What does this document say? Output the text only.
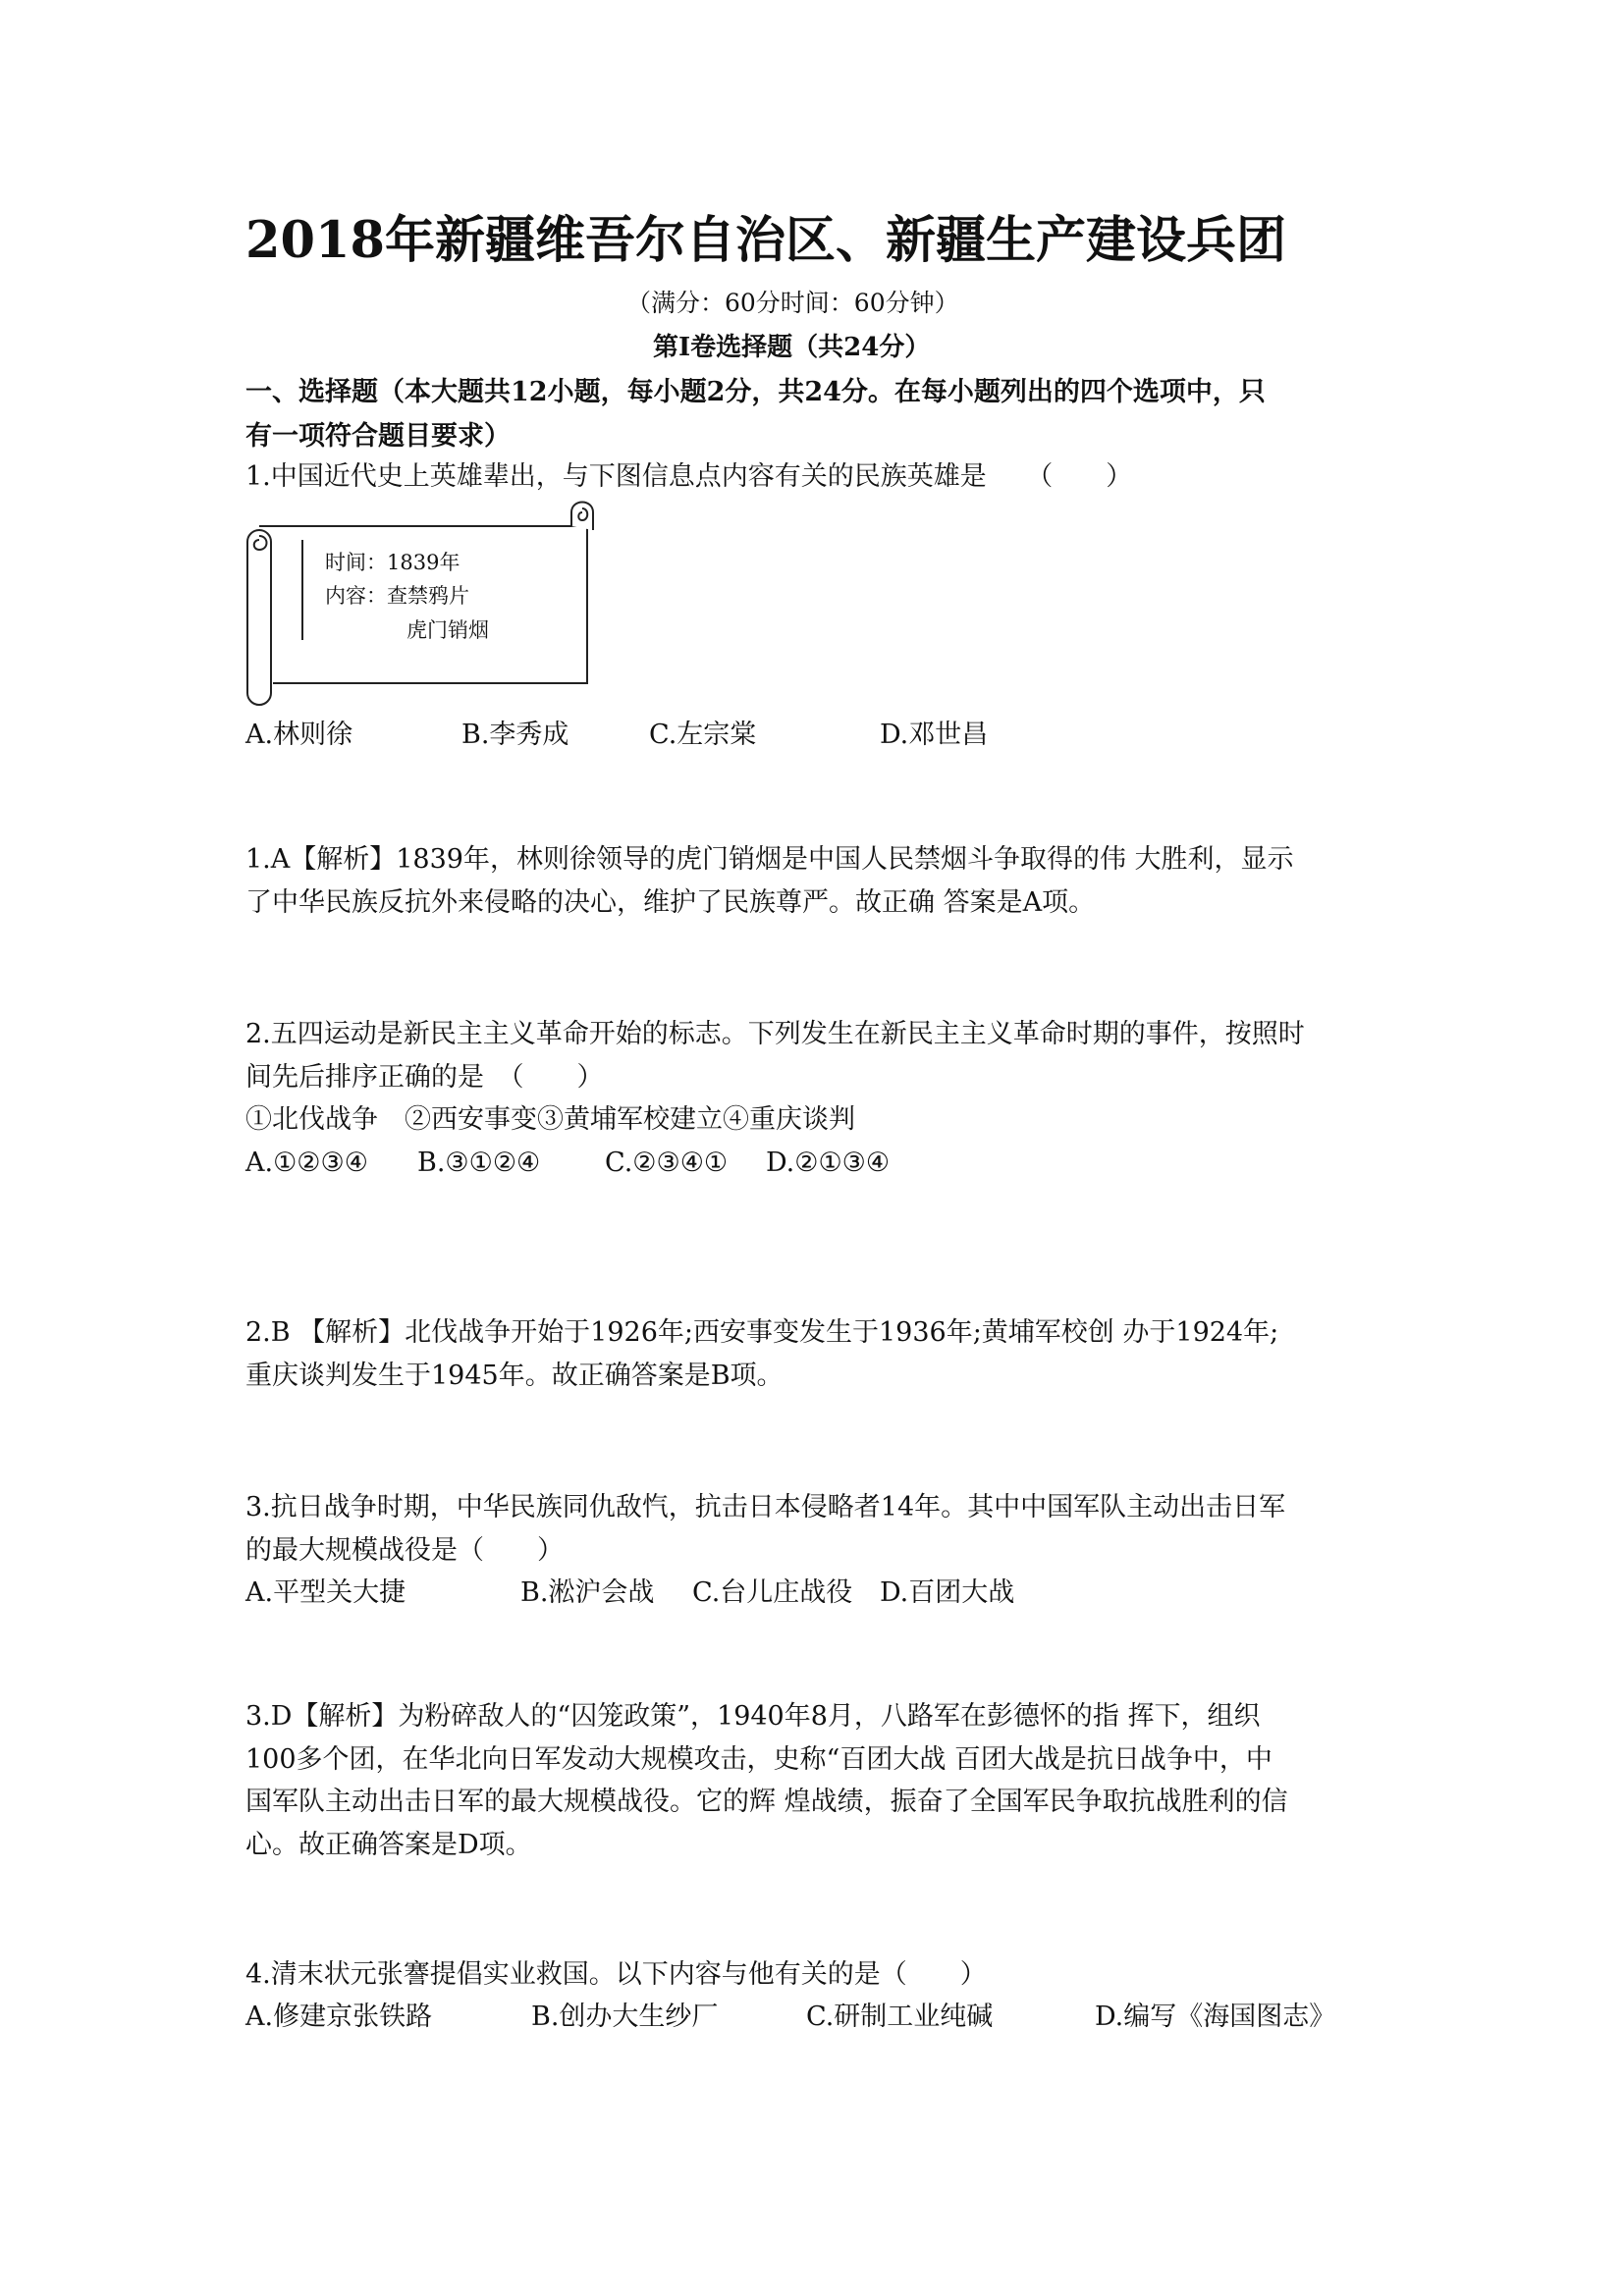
2018年新疆维吾尔自治区、新疆生产建设兵团
（满分：60分时间：60分钟）
第Ⅰ卷选择题（共24分）
一、选择题（本大题共12小题，每小题2分，共24分。在每小题列出的四个选项中，只
有一项符合题目要求）
1.中国近代史上英雄辈出，与下图信息点内容有关的民族英雄是　　（　　）
时间：1839年
内容：查禁鸦片
虎门销烟
A.林则徐	B.李秀成	C.左宗棠	D.邓世昌
1.A【解析】1839年，林则徐领导的虎门销烟是中国人民禁烟斗争取得的伟 大胜利，显示
了中华民族反抗外来侵略的决心，维护了民族尊严。故正确 答案是A项。
2.五四运动是新民主主义革命开始的标志。下列发生在新民主主义革命时期的事件，按照时
间先后排序正确的是　（　　）
①北伐战争　②西安事变③黄埔军校建立④重庆谈判
A.①②③④ B.③①②④ C.②③④① D.②①③④
2.B 【解析】北伐战争开始于1926年;西安事变发生于1936年;黄埔军校创 办于1924年;
重庆谈判发生于1945年。故正确答案是B项。
3.抗日战争时期，中华民族同仇敌忾，抗击日本侵略者14年。其中中国军队主动出击日军
的最大规模战役是（　　）
A.平型关大捷	B.淞沪会战 C.台儿庄战役 D.百团大战
3.D【解析】为粉碎敌人的“囚笼政策”，1940年8月，八路军在彭德怀的指 挥下，组织
100多个团，在华北向日军发动大规模攻击，史称“百团大战 百团大战是抗日战争中，中
国军队主动出击日军的最大规模战役。它的辉 煌战绩，振奋了全国军民争取抗战胜利的信
心。故正确答案是D项。
4.清末状元张謇提倡实业救国。以下内容与他有关的是（　　）
A.修建京张铁路	B.创办大生纱厂	C.研制工业纯碱	D.编写《海国图志》
